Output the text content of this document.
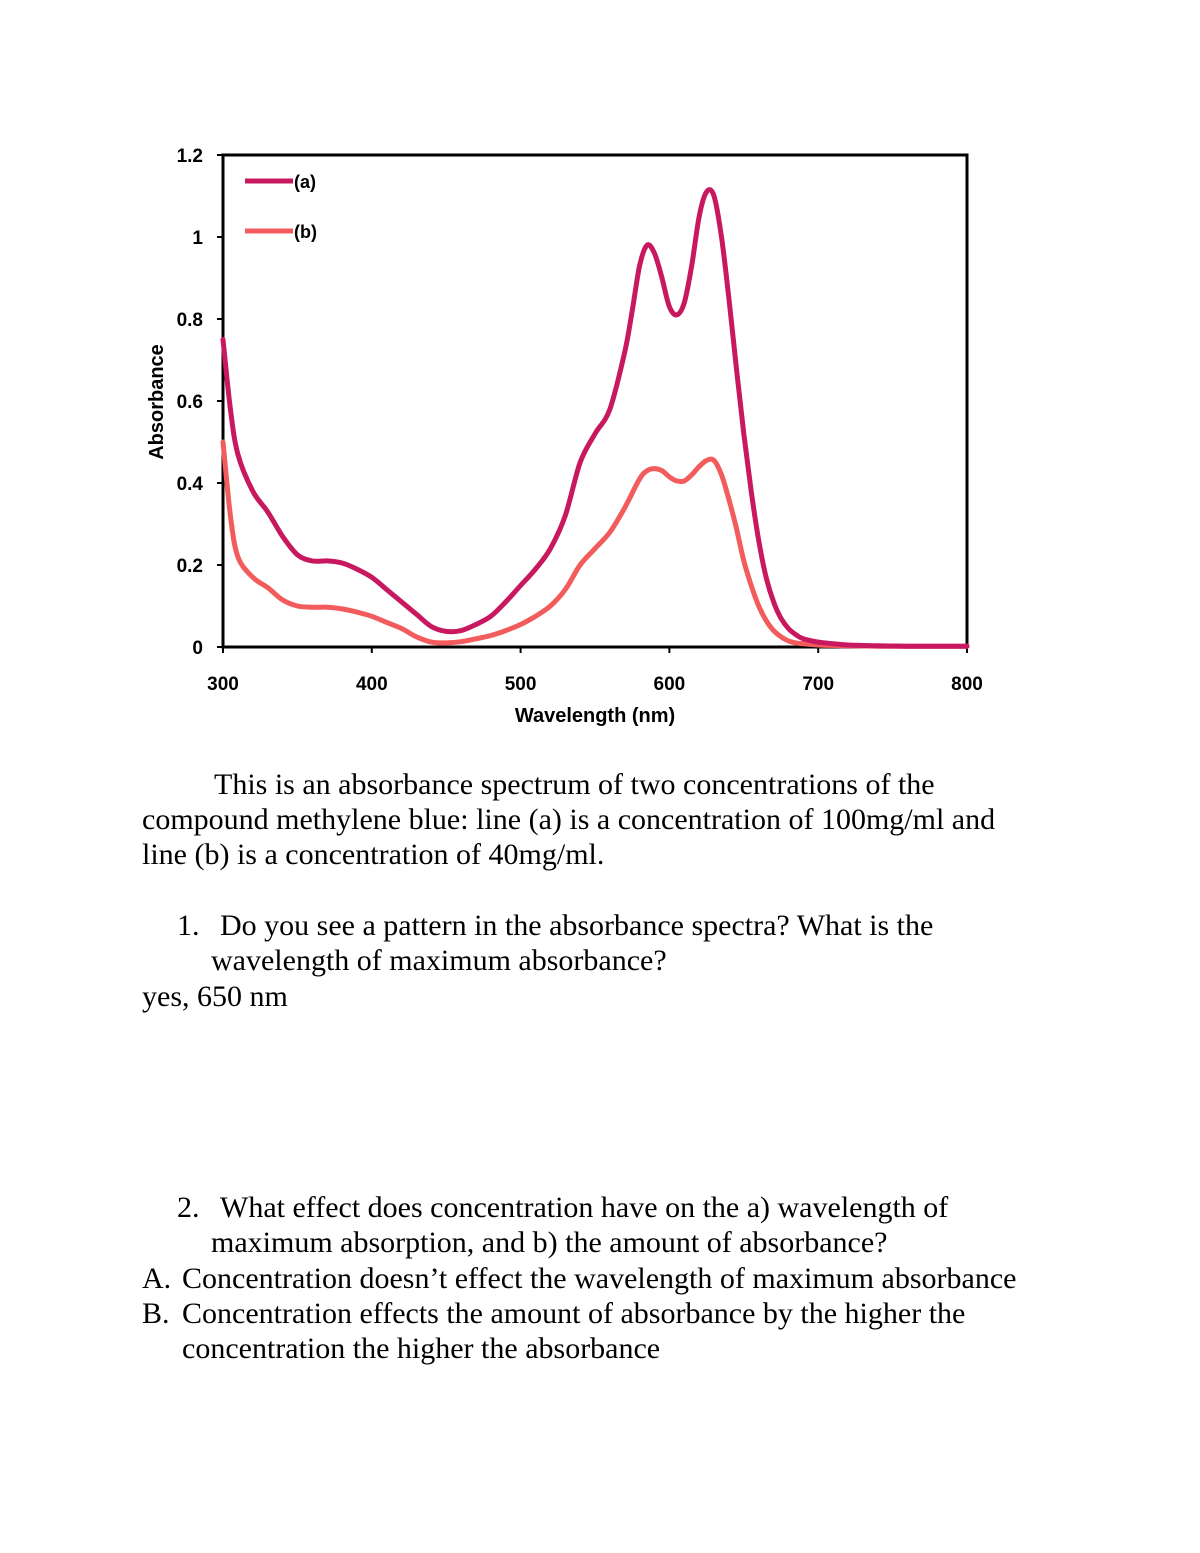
0
0.2
0.4
0.6
0.8
1
1.2
300	400	500	600	700	800
(a)
(b)
Wavelength (nm)
Absorbance

This is an absorbance spectrum of two concentrations of the

compound methylene blue: line (a) is a concentration of 100mg/ml and

line (b) is a concentration of 40mg/ml.

1. Do you see a pattern in the absorbance spectra? What is the

wavelength of maximum absorbance?

yes, 650 nm

2. What effect does concentration have on the a) wavelength of

maximum absorption, and b) the amount of absorbance?

A. Concentration doesn’t effect the wavelength of maximum absorbance

B. Concentration effects the amount of absorbance by the higher the

concentration the higher the absorbance
